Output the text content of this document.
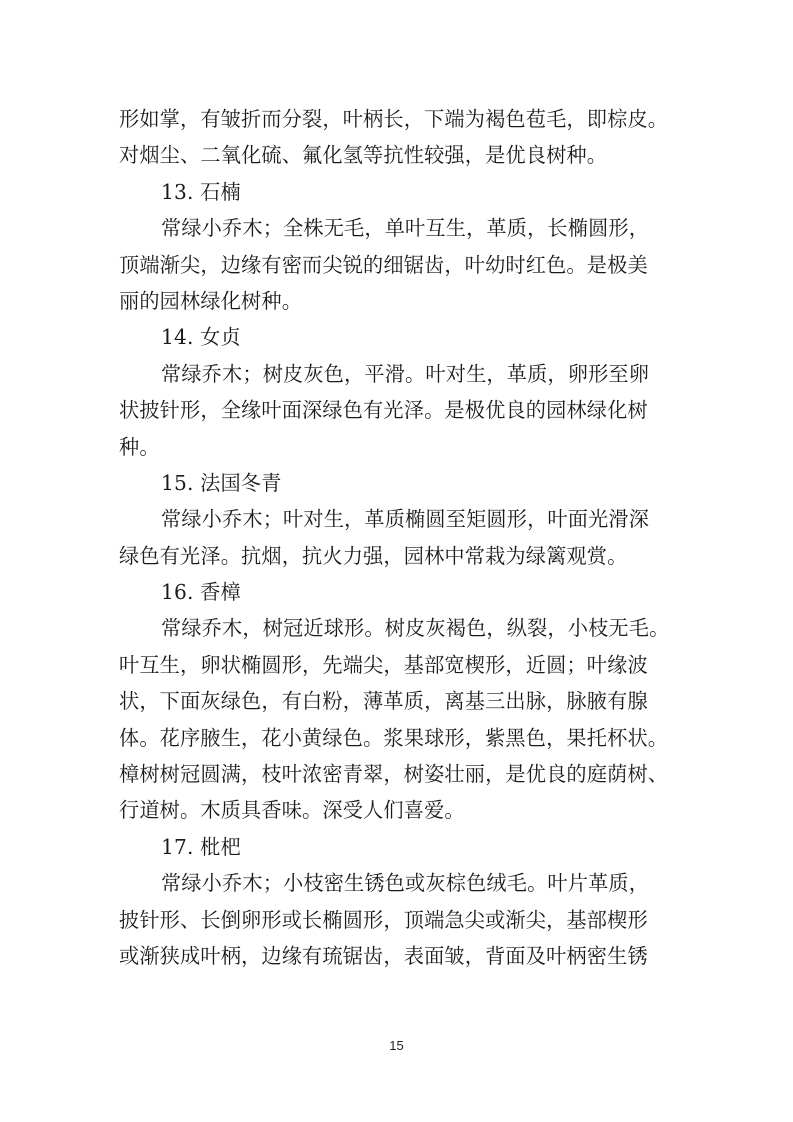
形如掌，有皱折而分裂，叶柄长，下端为褐色苞毛，即棕皮。
对烟尘、二氧化硫、氟化氢等抗性较强，是优良树种。
13. 石楠
常绿小乔木；全株无毛，单叶互生，革质，长椭圆形，
顶端渐尖，边缘有密而尖锐的细锯齿，叶幼时红色。是极美
丽的园林绿化树种。
14. 女贞
常绿乔木；树皮灰色，平滑。叶对生，革质，卵形至卵
状披针形，全缘叶面深绿色有光泽。是极优良的园林绿化树
种。
15. 法国冬青
常绿小乔木；叶对生，革质椭圆至矩圆形，叶面光滑深
绿色有光泽。抗烟，抗火力强，园林中常栽为绿篱观赏。
16. 香樟
常绿乔木，树冠近球形。树皮灰褐色，纵裂，小枝无毛。
叶互生，卵状椭圆形，先端尖，基部宽楔形，近圆；叶缘波
状，下面灰绿色，有白粉，薄革质，离基三出脉，脉腋有腺
体。花序腋生，花小黄绿色。浆果球形，紫黑色，果托杯状。
樟树树冠圆满，枝叶浓密青翠，树姿壮丽，是优良的庭荫树、
行道树。木质具香味。深受人们喜爱。
17. 枇杷
常绿小乔木；小枝密生锈色或灰棕色绒毛。叶片革质，
披针形、长倒卵形或长椭圆形，顶端急尖或渐尖，基部楔形
或渐狭成叶柄，边缘有琉锯齿，表面皱，背面及叶柄密生锈
15
